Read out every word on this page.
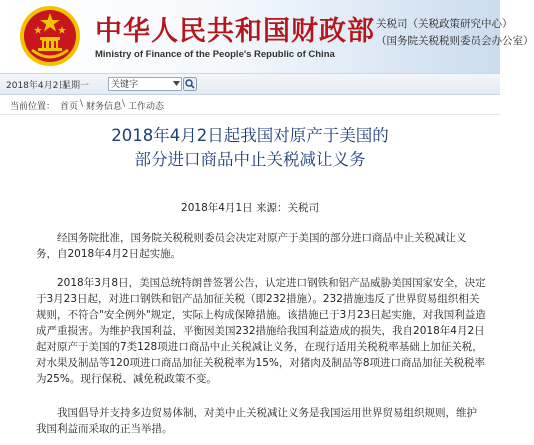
中华人民共和国财政部
Ministry of Finance of the People's Republic of China
关税司（关税政策研究中心）
（国务院关税税则委员会办公室）
2018年4月2日
星期一 关键字
当前位置： 首页 \ 财务信息 \ 工作动态
2018年4月2日起我国对原产于美国的
部分进口商品中止关税减让义务
2018年4月1日 来源：关税司
经国务院批准，国务院关税税则委员会决定对原产于美国的部分进口商品中止关税减让义
务，自2018年4月2日起实施。
2018年3月8日，美国总统特朗普签署公告，认定进口钢铁和铝产品威胁美国国家安全，决定
于3月23日起，对进口钢铁和铝产品加征关税（即232措施）。232措施违反了世界贸易组织相关
规则，不符合"安全例外"规定，实际上构成保障措施。该措施已于3月23日起实施，对我国利益造
成严重损害。为维护我国利益，平衡因美国232措施给我国利益造成的损失，我自2018年4月2日
起对原产于美国的7类128项进口商品中止关税减让义务，在现行适用关税税率基础上加征关税，
对水果及制品等120项进口商品加征关税税率为15%，对猪肉及制品等8项进口商品加征关税税率
为25%。现行保税、减免税政策不变。
我国倡导并支持多边贸易体制，对美中止关税减让义务是我国运用世界贸易组织规则，维护
我国利益而采取的正当举措。
